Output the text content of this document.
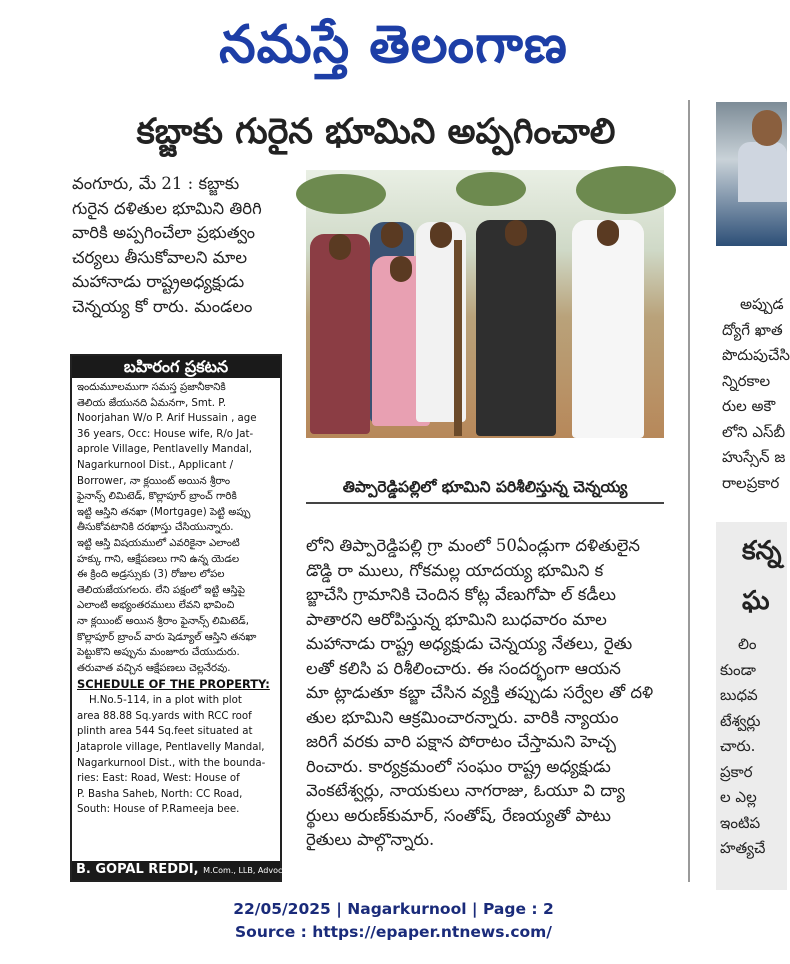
నమస్తే తెలంగాణ
కబ్జాకు గురైన భూమిని అప్పగించాలి
వంగూరు, మే 21 : కబ్జాకు
గురైన దళితుల భూమిని తిరిగి
వారికి అప్పగించేలా ప్రభుత్వం
చర్యలు తీసుకోవాలని మాల
మహానాడు రాష్ట్రఅధ్యక్షుడు
చెన్నయ్య కో రారు. మండలం
తిప్పారెడ్డిపల్లిలో భూమిని పరిశీలిస్తున్న చెన్నయ్య
లోని తిప్పారెడ్డిపల్లి గ్రా మంలో 50ఏండ్లుగా దళితులైన
డొడ్డి రా ములు, గోకమల్ల యాదయ్య భూమిని క
బ్జాచేసి గ్రామానికి చెందిన కోట్ల వేణుగోపా ల్ కడీలు
పాతారని ఆరోపిస్తున్న భూమిని బుధవారం మాల
మహానాడు రాష్ట్ర అధ్యక్షుడు చెన్నయ్య నేతలు, రైతు
లతో కలిసి ప రిశీలించారు. ఈ సందర్భంగా ఆయన
మా ట్లాడుతూ కబ్జా చేసిన వ్యక్తి తప్పుడు సర్వేల తో దళి
తుల భూమిని ఆక్రమించారన్నారు. వారికి న్యాయం
జరిగే వరకు వారి పక్షాన పోరాటం చేస్తామని హెచ్చ
రించారు. కార్యక్రమంలో సంఘం రాష్ట్ర అధ్యక్షుడు
వెంకటేశ్వర్లు, నాయకులు నాగరాజు, ఓయూ వి ద్యా
ర్థులు అరుణ్‌కుమార్, సంతోష్, రేణయ్యతో పాటు
రైతులు పాల్గొన్నారు.
బహిరంగ ప్రకటన
ఇందుమూలముగా సమస్త ప్రజానీకానికి
తెలియ జేయునది ఏమనగా, Smt. P.
Noorjahan W/o P. Arif Hussain , age
36 years, Occ: House wife, R/o Jat-
aprole Village, Pentlavelly Mandal,
Nagarkurnool Dist., Applicant /
Borrower, నా క్లయింట్ అయిన శ్రీరాం
ఫైనాన్స్ లిమిటెడ్, కొల్లాపూర్ బ్రాంచ్ గారికి
ఇట్టి ఆస్తిని తనఖా (Mortgage) పెట్టి అప్పు
తీసుకోవటానికి దరఖాస్తు చేసియున్నారు.
ఇట్టి ఆస్తి విషయములో ఎవరికైనా ఎలాంటి
హక్కు గాని, ఆక్షేపణలు గాని ఉన్న యెడల
ఈ క్రింది అడ్రస్సుకు (3) రోజుల లోపల
తెలియజేయగలరు. లేని పక్షంలో ఇట్టి ఆస్తిపై
ఎలాంటి అభ్యంతరములు లేవని భావించి
నా క్లయింట్ అయిన శ్రీరాం ఫైనాన్స్ లిమిటెడ్,
కొల్లాపూర్ బ్రాంచ్ వారు షెడ్యూల్ ఆస్తిని తనఖా
పెట్టుకొని అప్పును మంజూరు చేయుదురు.
తరువాత వచ్చిన ఆక్షేపణలు చెల్లనేరవు.
SCHEDULE OF THE PROPERTY:
H.No.5-114, in a plot with plot
area 88.88 Sq.yards with RCC roof
plinth area 544 Sq.feet situated at
Jataprole village, Pentlavelly Mandal,
Nagarkurnool Dist., with the bounda-
ries: East: Road, West: House of
P. Basha Saheb, North: CC Road,
South: House of P.Rameeja bee.
B. GOPAL REDDI, M.Com., LLB, Advocate,
అప్పుడ
ద్యోగే ఖాత
పొదుపుచేసి
న్నిరకాల
రుల అకౌ
లోని ఎస్‌బీ
హుస్సేన్ జ
రాలప్రకార
కన్న
ఘ
లిం
కుండా
బుధవ
టేశ్వర్లు
చారు.
ప్రకార
ల ఎల్ల
ఇంటిప
హత్యచే
22/05/2025 | Nagarkurnool | Page : 2
Source : https://epaper.ntnews.com/
